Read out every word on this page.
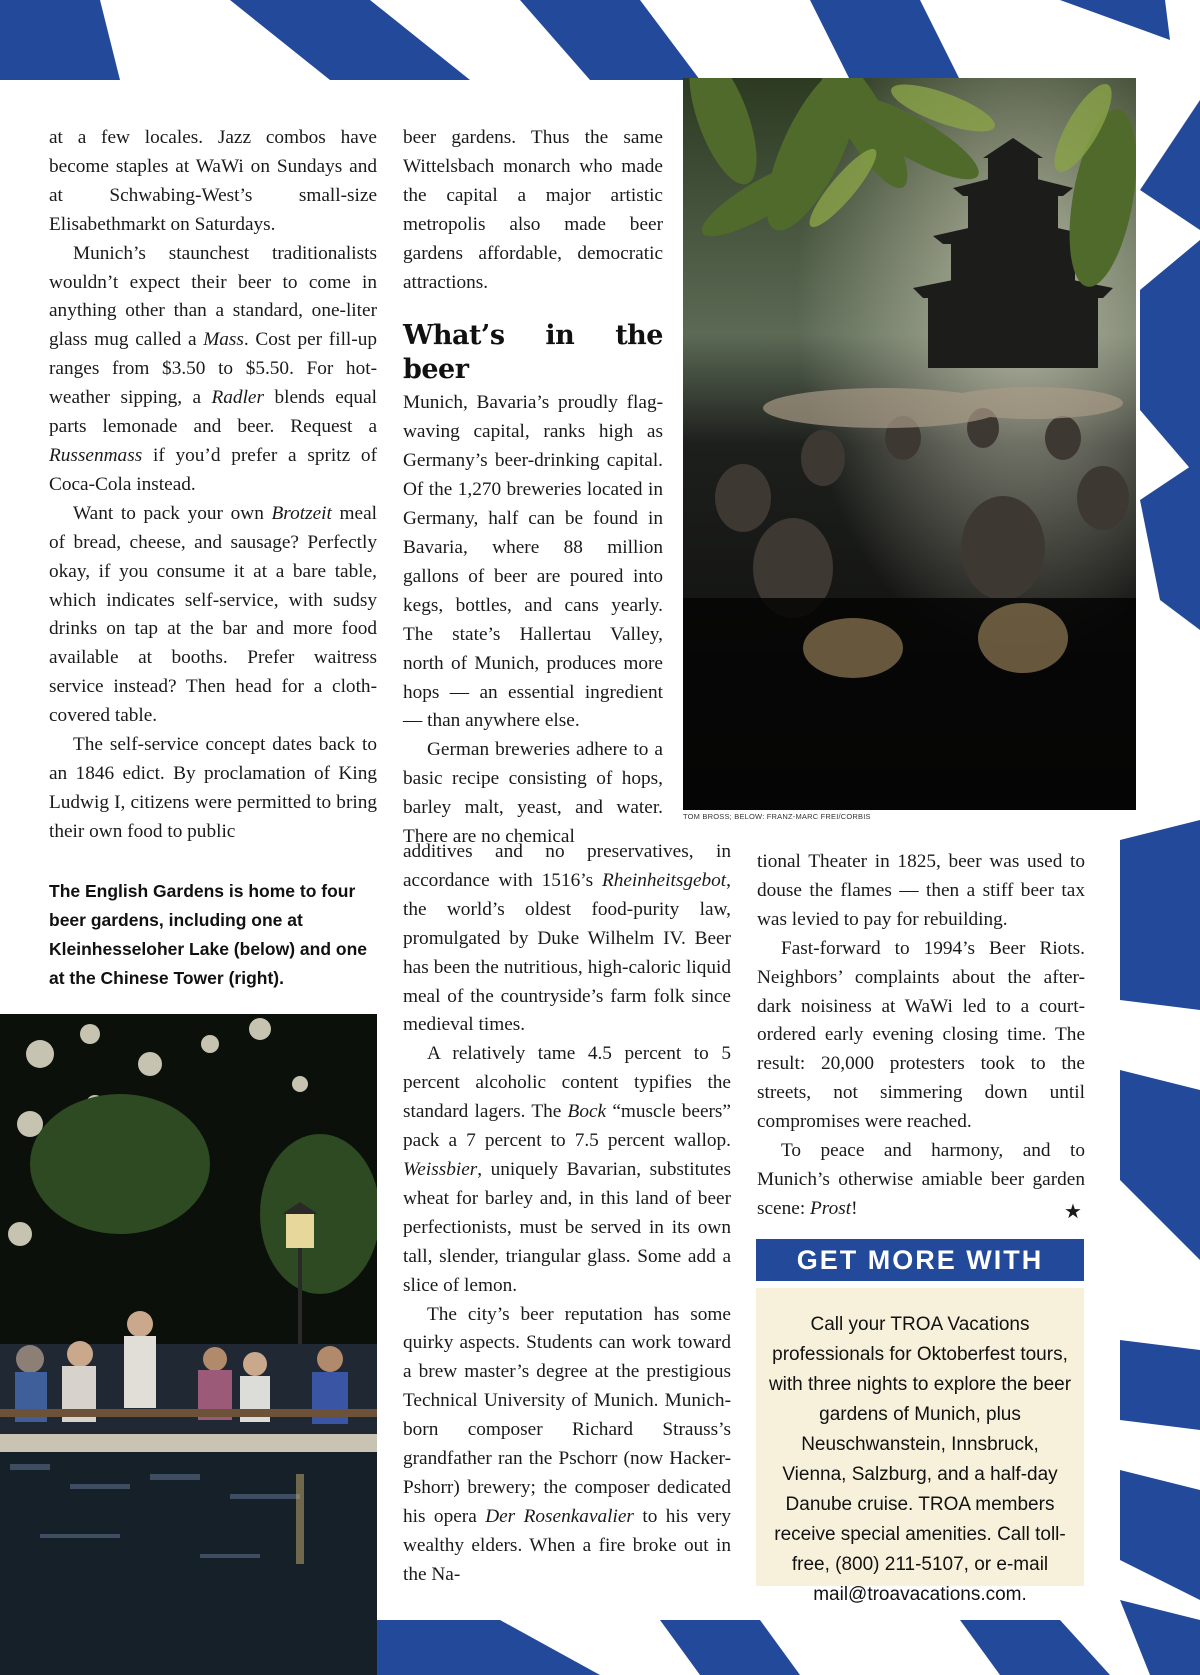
at a few locales. Jazz combos have become staples at WaWi on Sundays and at Schwabing-West’s small-size Elisabethmarkt on Saturdays.

Munich’s staunchest traditionalists wouldn’t expect their beer to come in anything other than a standard, one-liter glass mug called a Mass. Cost per fill-up ranges from $3.50 to $5.50. For hot-weather sipping, a Radler blends equal parts lemonade and beer. Request a Russenmass if you’d prefer a spritz of Coca-Cola instead.

Want to pack your own Brotzeit meal of bread, cheese, and sausage? Perfectly okay, if you consume it at a bare table, which indicates self-service, with sudsy drinks on tap at the bar and more food available at booths. Prefer waitress service instead? Then head for a cloth-covered table.

The self-service concept dates back to an 1846 edict. By proclamation of King Ludwig I, citizens were permitted to bring their own food to public

The English Gardens is home to four beer gardens, including one at Kleinhesseloher Lake (below) and one at the Chinese Tower (right).

beer gardens. Thus the same Wittelsbach monarch who made the capital a major artistic metropolis also made beer gardens affordable, democratic attractions.

What’s in the beer

Munich, Bavaria’s proudly flag-waving capital, ranks high as Germany’s beer-drinking capital. Of the 1,270 breweries located in Germany, half can be found in Bavaria, where 88 million gallons of beer are poured into kegs, bottles, and cans yearly. The state’s Hallertau Valley, north of Munich, produces more hops — an essential ingredient — than anywhere else.

German breweries adhere to a basic recipe consisting of hops, barley malt, yeast, and water. There are no chemical

additives and no preservatives, in accordance with 1516’s Rheinheitsgebot, the world’s oldest food-purity law, promulgated by Duke Wilhelm IV. Beer has been the nutritious, high-caloric liquid meal of the countryside’s farm folk since medieval times.

A relatively tame 4.5 percent to 5 percent alcoholic content typifies the standard lagers. The Bock “muscle beers” pack a 7 percent to 7.5 percent wallop. Weissbier, uniquely Bavarian, substitutes wheat for barley and, in this land of beer perfectionists, must be served in its own tall, slender, triangular glass. Some add a slice of lemon.

The city’s beer reputation has some quirky aspects. Students can work toward a brew master’s degree at the prestigious Technical University of Munich. Munich-born composer Richard Strauss’s grandfather ran the Pschorr (now Hacker-Pshorr) brewery; the composer dedicated his opera Der Rosenkavalier to his very wealthy elders. When a fire broke out in the Na-

tional Theater in 1825, beer was used to douse the flames — then a stiff beer tax was levied to pay for rebuilding.

Fast-forward to 1994’s Beer Riots. Neighbors’ complaints about the after-dark noisiness at WaWi led to a court-ordered early evening closing time. The result: 20,000 protesters took to the streets, not simmering down until compromises were reached.

To peace and harmony, and to Munich’s otherwise amiable beer garden scene: Prost!	★
TOM BROSS; BELOW: FRANZ-MARC FREI/CORBIS
GET MORE WITH
Call your TROA Vacations professionals for Oktoberfest tours, with three nights to explore the beer gardens of Munich, plus Neuschwanstein, Innsbruck, Vienna, Salzburg, and a half-day Danube cruise. TROA members receive special amenities. Call toll-free, (800) 211-5107, or e-mail mail@troavacations.com.
